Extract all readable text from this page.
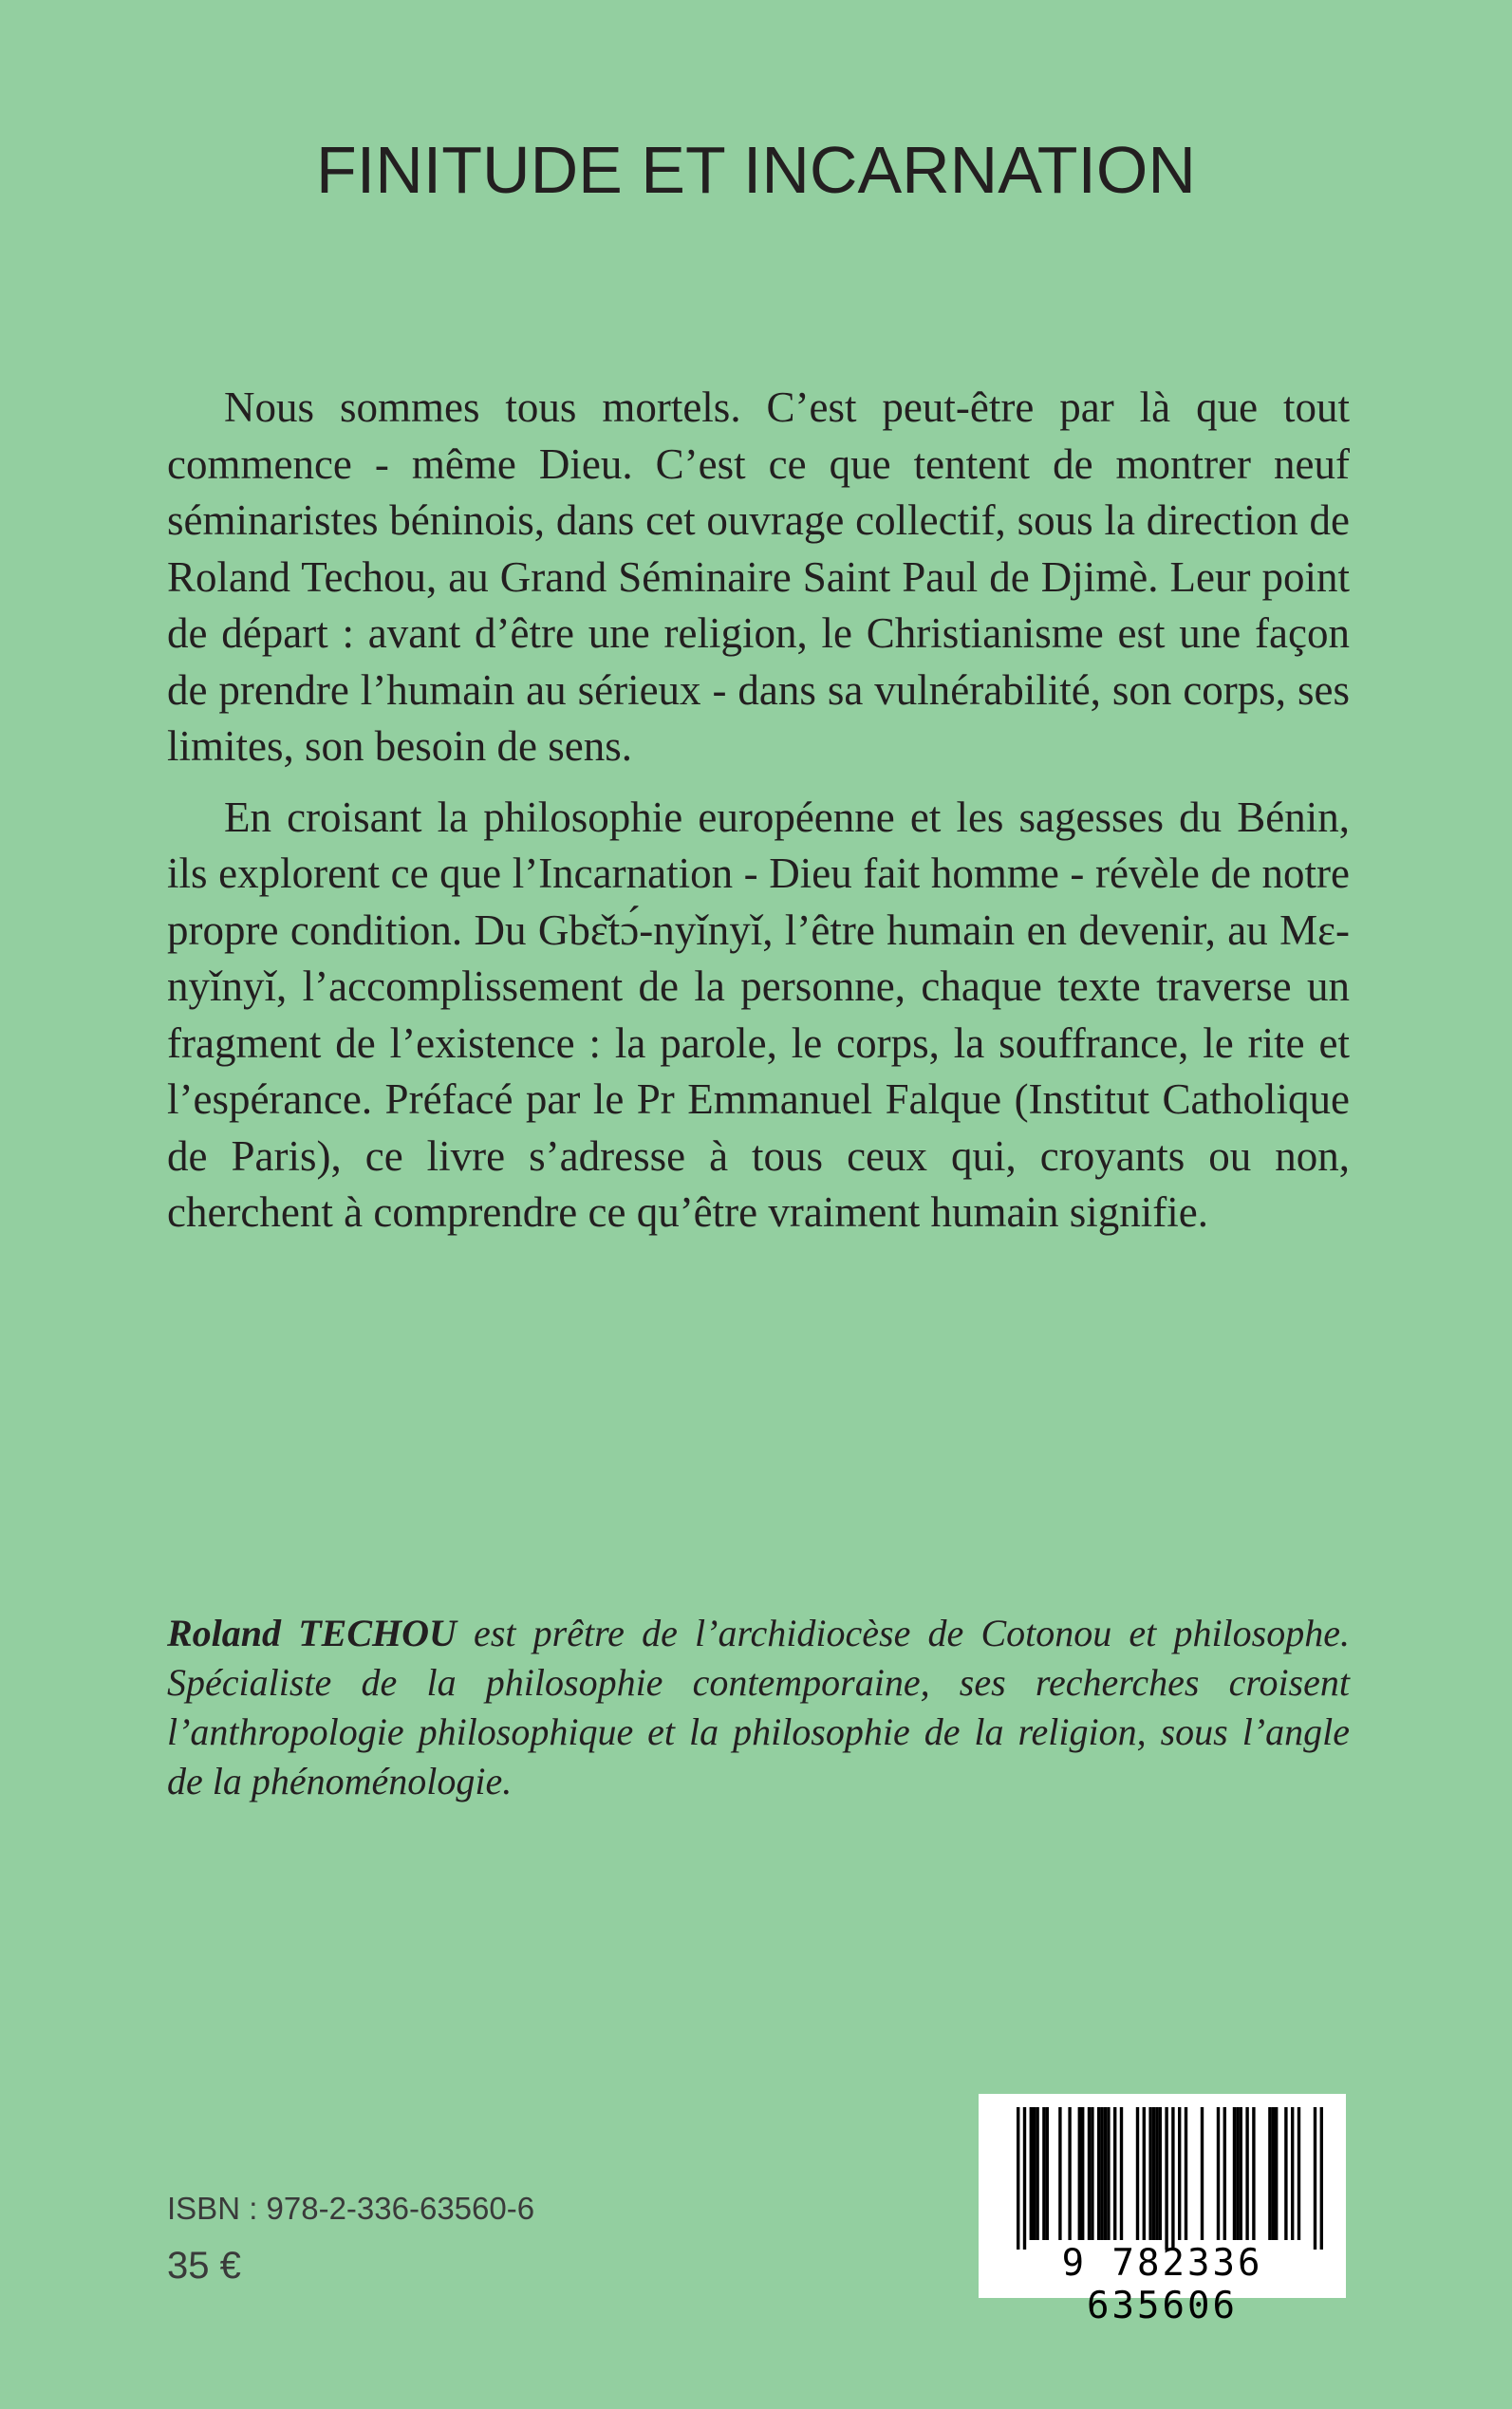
FINITUDE ET INCARNATION

Nous sommes tous mortels. C’est peut-être par là que tout commence - même Dieu. C’est ce que tentent de montrer neuf séminaristes béninois, dans cet ouvrage collectif, sous la direction de Roland Techou, au Grand Séminaire Saint Paul de Djimè. Leur point de départ : avant d’être une religion, le Christianisme est une façon de prendre l’humain au sérieux - dans sa vulnérabilité, son corps, ses limites, son besoin de sens.

En croisant la philosophie européenne et les sagesses du Bénin, ils explorent ce que l’Incarnation - Dieu fait homme - révèle de notre propre condition. Du Gbɛ̌tɔ́-nyǐnyǐ, l’être humain en devenir, au Mɛ-nyǐnyǐ, l’accomplissement de la personne, chaque texte traverse un fragment de l’existence : la parole, le corps, la souffrance, le rite et l’espérance. Préfacé par le Pr Emmanuel Falque (Institut Catholique de Paris), ce livre s’adresse à tous ceux qui, croyants ou non, cherchent à comprendre ce qu’être vraiment humain signifie.

Roland TECHOU est prêtre de l’archidiocèse de Cotonou et philosophe. Spécialiste de la philosophie contemporaine, ses recherches croisent l’anthropologie philosophique et la philosophie de la religion, sous l’angle de la phénoménologie.
ISBN : 978-2-336-63560-6
35 €	9 782336 635606
